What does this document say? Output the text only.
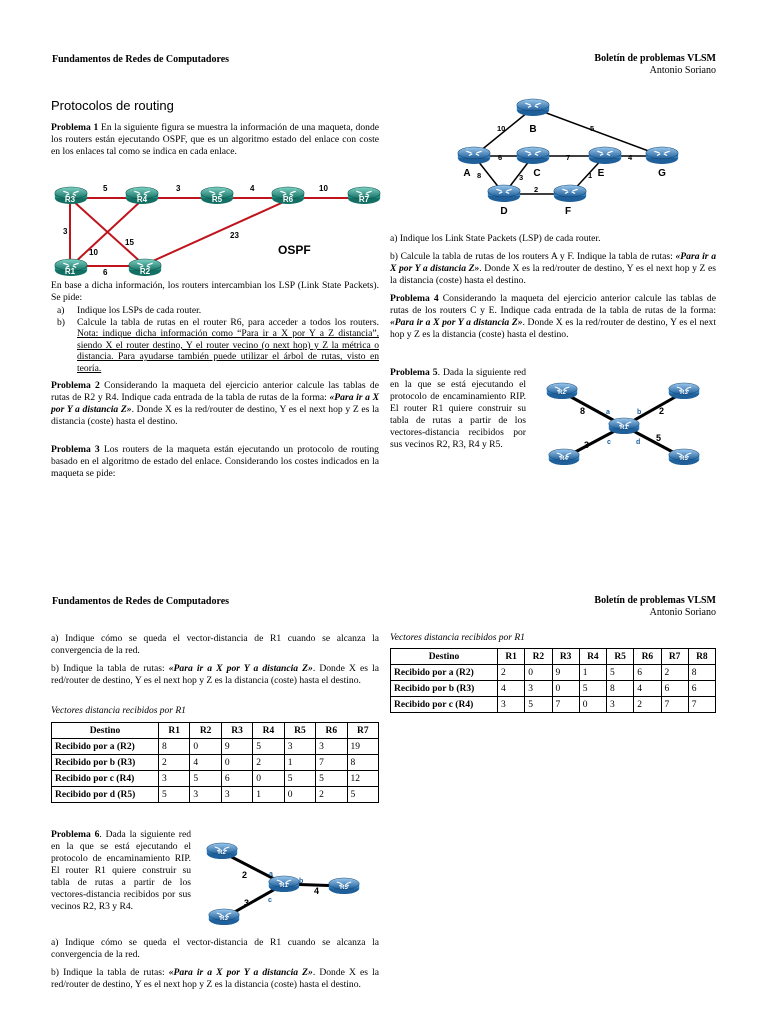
Fundamentos de Redes de Computadores	Boletín de problemas VLSM
Antonio Soriano
Protocolos de routing
Problema 1 En la siguiente figura se muestra la información de una maqueta, donde los routers están ejecutando OSPF, que es un algoritmo estado del enlace con coste en los enlaces tal como se indica en cada enlace.
R3	R4	R5	R6	R7
R1	R2
5	3	4	10
3
10
15
6
23
OSPF
En base a dicha información, los routers intercambian los LSP (Link State Packets). Se pide:
a)	Indique los LSPs de cada router.
b)	Calcule la tabla de rutas en el router R6, para acceder a todos los routers. Nota: indique dicha información como “Para ir a X por Y a Z distancia”, siendo X el router destino, Y el router vecino (o next hop) y Z la métrica o distancia. Para ayudarse también puede utilizar el árbol de rutas, visto en teoría.
Problema 2 Considerando la maqueta del ejercicio anterior calcule las tablas de rutas de R2 y R4. Indique cada entrada de la tabla de rutas de la forma: «Para ir a X por Y a distancia Z». Donde X es la red/router de destino, Y es el next hop y Z es la distancia (coste) hasta el destino.
Problema 3 Los routers de la maqueta están ejecutando un protocolo de routing basado en el algoritmo de estado del enlace. Considerando los costes indicados en la maqueta se pide:
B
A	C	E	G
D	F
10	5
6	7	4
8	3	1
2
a) Indique los Link State Packets (LSP) de cada router.
b) Calcule la tabla de rutas de los routers A y F. Indique la tabla de rutas: «Para ir a X por Y a distancia Z». Donde X es la red/router de destino, Y es el next hop y Z es la distancia (coste) hasta el destino.
Problema 4 Considerando la maqueta del ejercicio anterior calcule las tablas de rutas de los routers C y E. Indique cada entrada de la tabla de rutas de la forma: «Para ir a X por Y a distancia Z». Donde X es la red/router de destino, Y es el next hop y Z es la distancia (coste) hasta el destino.
Problema 5. Dada la siguiente red en la que se está ejecutando el protocolo de encaminamiento RIP. El router R1 quiere construir su tabla de rutas a partir de los vectores-distancia recibidos por sus vecinos R2, R3, R4 y R5.
R2	R3
R1
R4	R5
8	2
3
5
a	b
c	d
Fundamentos de Redes de Computadores	Boletín de problemas VLSM
Antonio Soriano
a) Indique cómo se queda el vector-distancia de R1 cuando se alcanza la convergencia de la red.
b) Indique la tabla de rutas: «Para ir a X por Y a distancia Z». Donde X es la red/router de destino, Y es el next hop y Z es la distancia (coste) hasta el destino.
Vectores distancia recibidos por R1
Destino	R1	R2	R3	R4	R5	R6	R7
Recibido por a (R2)	8	0	9	5	3	3	19
Recibido por b (R3)	2	4	0	2	1	7	8
Recibido por c (R4)	3	5	6	0	5	5	12
Recibido por d (R5)	5	3	3	1	0	2	5
Vectores distancia recibidos por R1
Destino	R1	R2	R3	R4	R5	R6	R7	R8
Recibido por a (R2)	2	0	9	1	5	6	2	8
Recibido por b (R3)	4	3	0	5	8	4	6	6
Recibido por c (R4)	3	5	7	0	3	2	7	7
Problema 6. Dada la siguiente red en la que se está ejecutando el protocolo de encaminamiento RIP. El router R1 quiere construir su tabla de rutas a partir de los vectores-distancia recibidos por sus vecinos R2, R3 y R4.
R2
R1	R5
R3
2
4
3
a
b
c
a) Indique cómo se queda el vector-distancia de R1 cuando se alcanza la convergencia de la red.
b) Indique la tabla de rutas: «Para ir a X por Y a distancia Z». Donde X es la red/router de destino, Y es el next hop y Z es la distancia (coste) hasta el destino.
